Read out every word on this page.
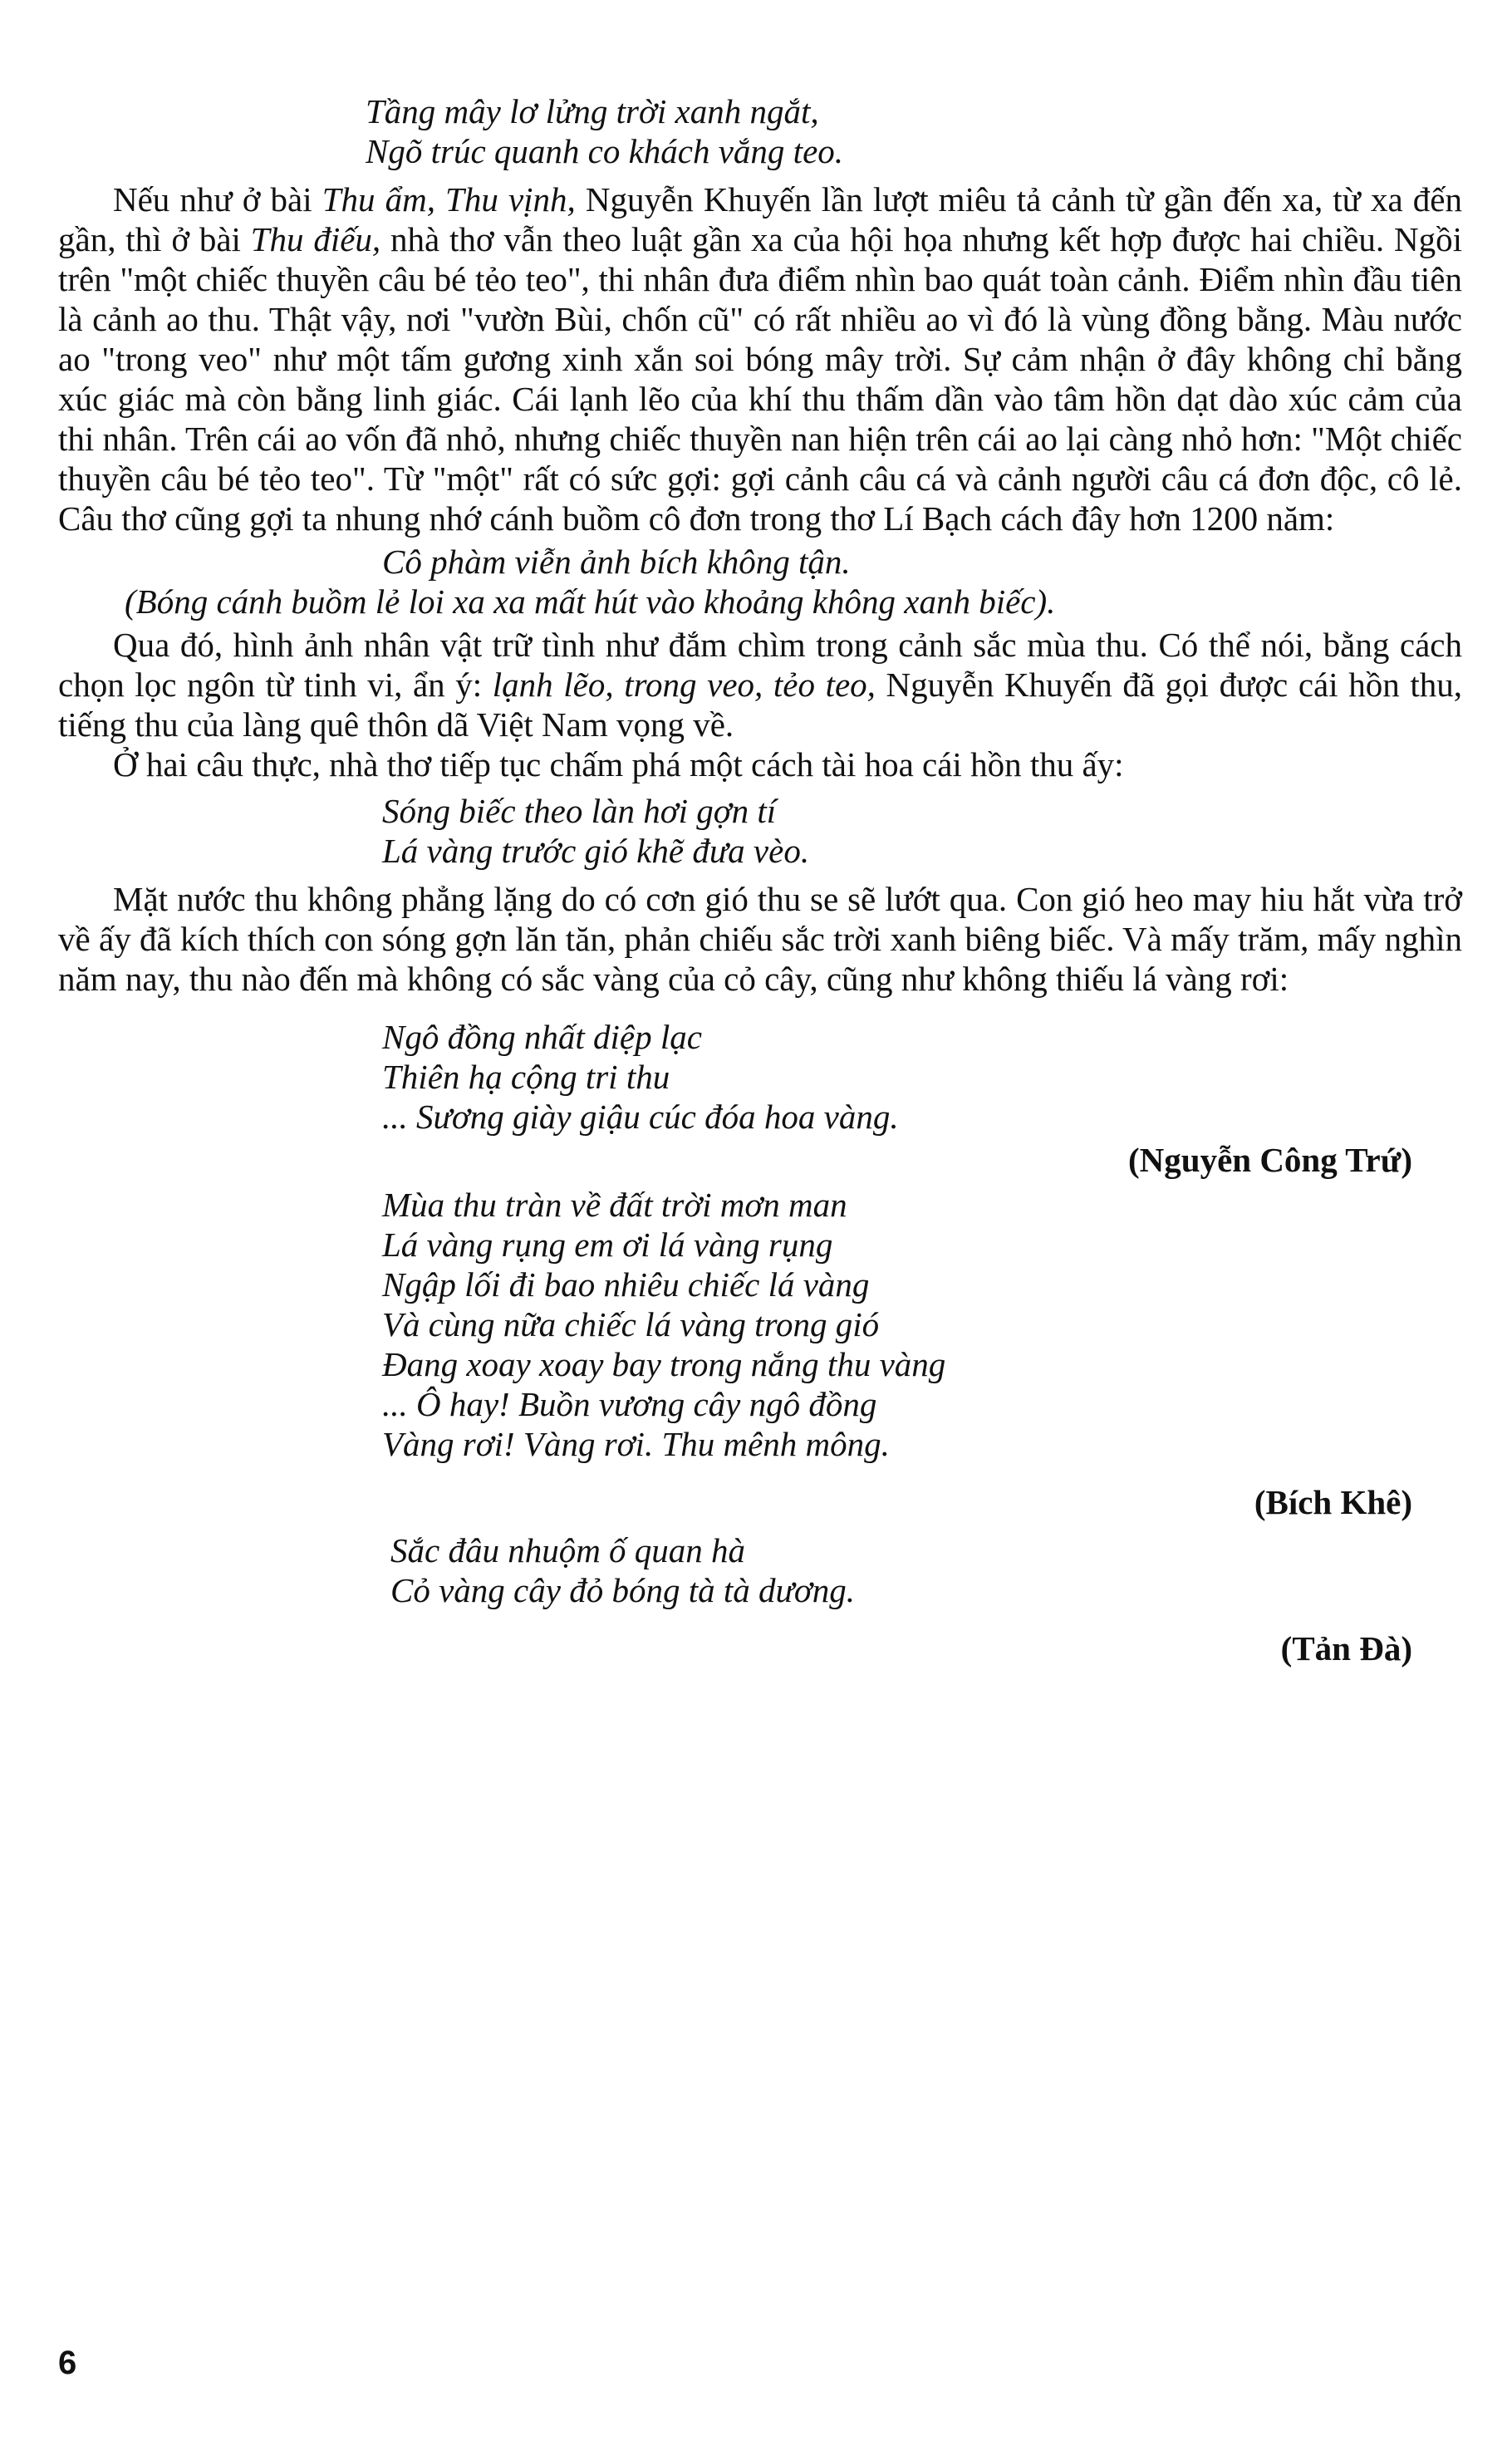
Tầng mây lơ lửng trời xanh ngắt,
Ngõ trúc quanh co khách vắng teo.

Nếu như ở bài Thu ẩm, Thu vịnh, Nguyễn Khuyến lần lượt miêu tả cảnh từ gần đến xa, từ xa đến gần, thì ở bài Thu điếu, nhà thơ vẫn theo luật gần xa của hội họa nhưng kết hợp được hai chiều. Ngồi trên "một chiếc thuyền câu bé tẻo teo", thi nhân đưa điểm nhìn bao quát toàn cảnh. Điểm nhìn đầu tiên là cảnh ao thu. Thật vậy, nơi "vườn Bùi, chốn cũ" có rất nhiều ao vì đó là vùng đồng bằng. Màu nước ao "trong veo" như một tấm gương xinh xắn soi bóng mây trời. Sự cảm nhận ở đây không chỉ bằng xúc giác mà còn bằng linh giác. Cái lạnh lẽo của khí thu thấm dần vào tâm hồn dạt dào xúc cảm của thi nhân. Trên cái ao vốn đã nhỏ, nhưng chiếc thuyền nan hiện trên cái ao lại càng nhỏ hơn: "Một chiếc thuyền câu bé tẻo teo". Từ "một" rất có sức gợi: gợi cảnh câu cá và cảnh người câu cá đơn độc, cô lẻ. Câu thơ cũng gợi ta nhung nhớ cánh buồm cô đơn trong thơ Lí Bạch cách đây hơn 1200 năm:

Cô phàm viễn ảnh bích không tận.
(Bóng cánh buồm lẻ loi xa xa mất hút vào khoảng không xanh biếc).

Qua đó, hình ảnh nhân vật trữ tình như đắm chìm trong cảnh sắc mùa thu. Có thể nói, bằng cách chọn lọc ngôn từ tinh vi, ẩn ý: lạnh lẽo, trong veo, tẻo teo, Nguyễn Khuyến đã gọi được cái hồn thu, tiếng thu của làng quê thôn dã Việt Nam vọng về.

Ở hai câu thực, nhà thơ tiếp tục chấm phá một cách tài hoa cái hồn thu ấy:

Sóng biếc theo làn hơi gợn tí
Lá vàng trước gió khẽ đưa vèo.

Mặt nước thu không phẳng lặng do có cơn gió thu se sẽ lướt qua. Con gió heo may hiu hắt vừa trở về ấy đã kích thích con sóng gợn lăn tăn, phản chiếu sắc trời xanh biêng biếc. Và mấy trăm, mấy nghìn năm nay, thu nào đến mà không có sắc vàng của cỏ cây, cũng như không thiếu lá vàng rơi:

Ngô đồng nhất diệp lạc
Thiên hạ cộng tri thu
... Sương giày giậu cúc đóa hoa vàng.
(Nguyễn Công Trứ)
Mùa thu tràn về đất trời mơn man
Lá vàng rụng em ơi lá vàng rụng
Ngập lối đi bao nhiêu chiếc lá vàng
Và cùng nữa chiếc lá vàng trong gió
Đang xoay xoay bay trong nắng thu vàng
... Ô hay! Buồn vương cây ngô đồng
Vàng rơi! Vàng rơi. Thu mênh mông.
(Bích Khê)
Sắc đâu nhuộm ố quan hà
Cỏ vàng cây đỏ bóng tà tà dương.
(Tản Đà)
6
